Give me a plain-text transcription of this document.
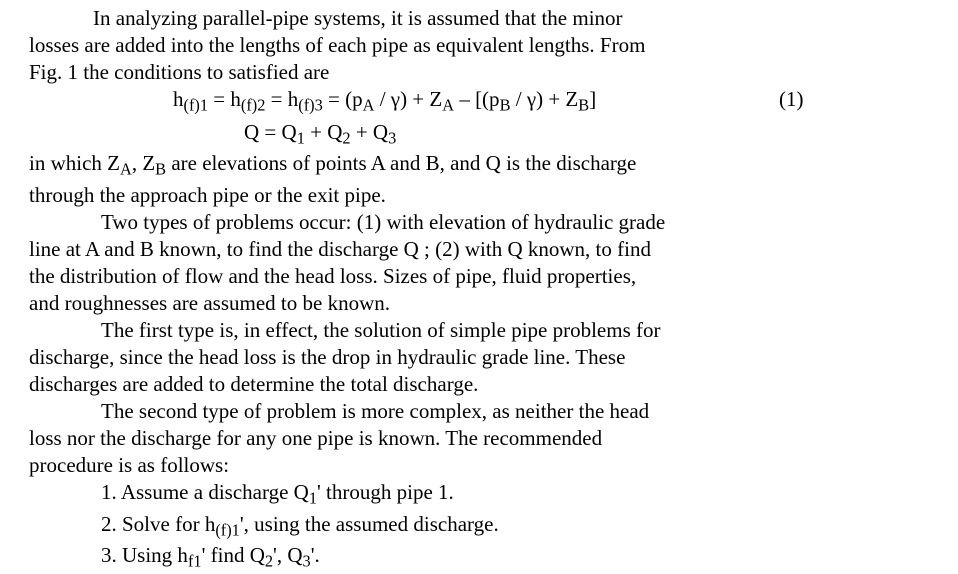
In analyzing parallel-pipe systems, it is assumed that the minor
losses are added into the lengths of each pipe as equivalent lengths. From
Fig. 1 the conditions to satisfied are
$h_{(f)1} = h_{(f)2} = h_{(f)3} = (p_A / \gamma) + Z_A - [(p_B / \gamma) + Z_B]$	(1)
$Q = Q_1 + Q_2 + Q_3$
in which $Z_A$, $Z_B$ are elevations of points A and B, and Q is the discharge
through the approach pipe or the exit pipe.
Two types of problems occur: (1) with elevation of hydraulic grade
line at A and B known, to find the discharge Q ; (2) with Q known, to find
the distribution of flow and the head loss. Sizes of pipe, fluid properties,
and roughnesses are assumed to be known.
The first type is, in effect, the solution of simple pipe problems for
discharge, since the head loss is the drop in hydraulic grade line. These
discharges are added to determine the total discharge.
The second type of problem is more complex, as neither the head
loss nor the discharge for any one pipe is known. The recommended
procedure is as follows:
1. Assume a discharge $Q_1'$ through pipe 1.
2. Solve for $h_{(f)1}'$, using the assumed discharge.
3. Using $h_{f1}'$ find $Q_2'$, $Q_3'$.
